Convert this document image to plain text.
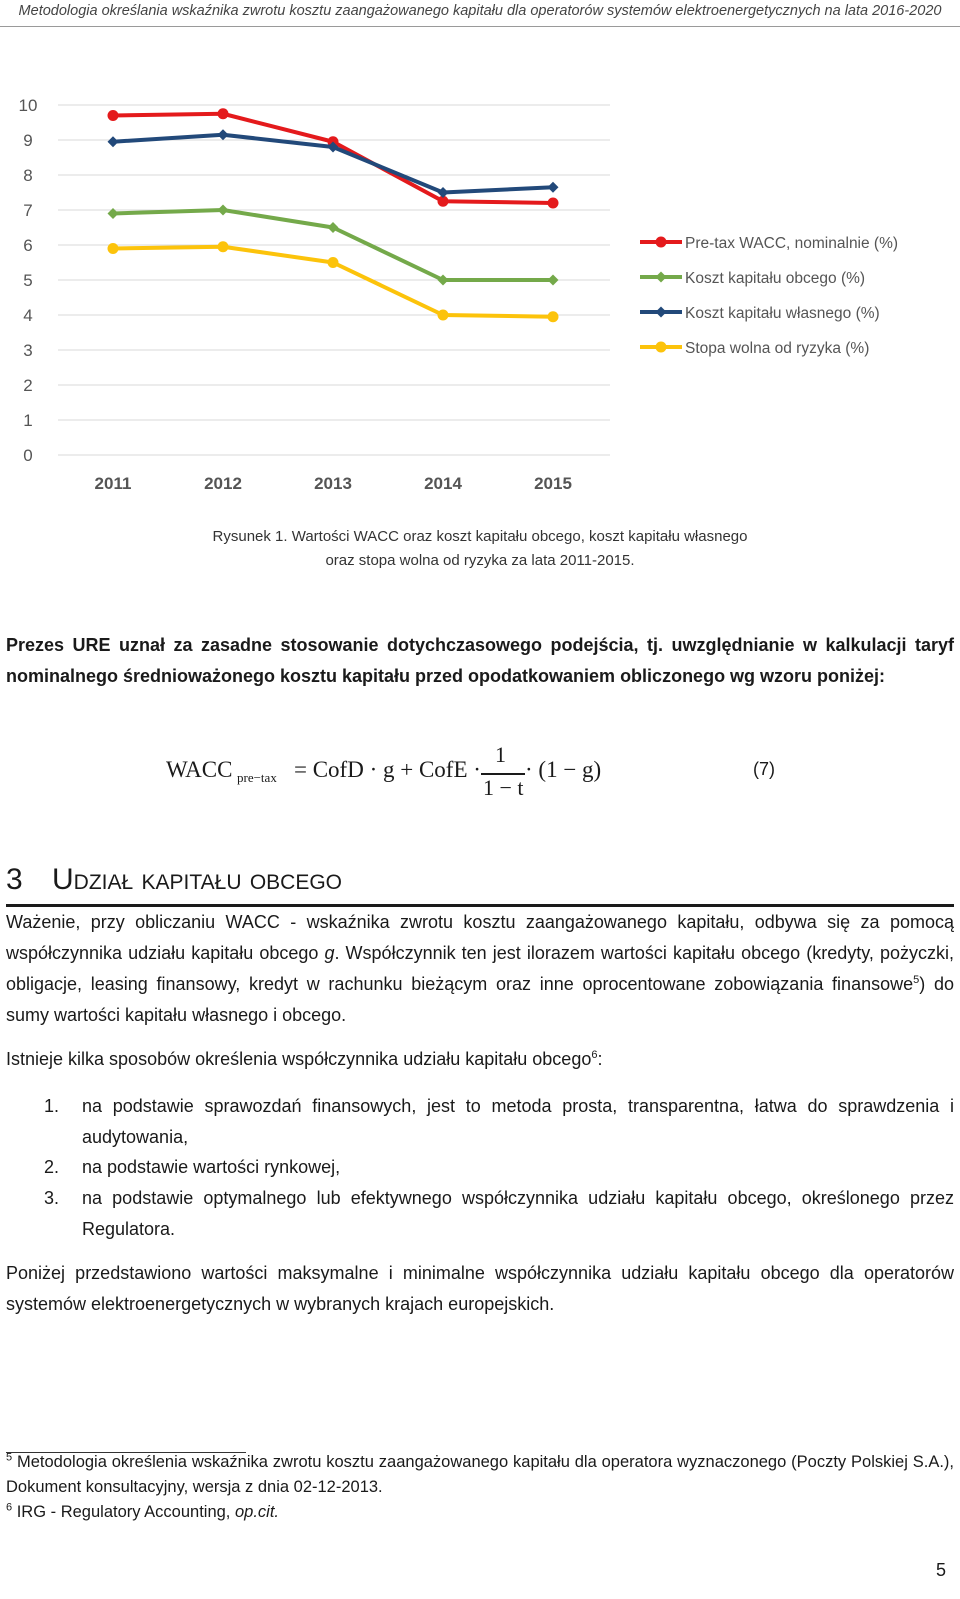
Metodologia określania wskaźnika zwrotu kosztu zaangażowanego kapitału dla operatorów systemów elektroenergetycznych na lata 2016-2020
0
1
2
3
4
5
6
7
8
9
10
2011	2012	2013	2014	2015
Pre-tax WACC, nominalnie (%)
Koszt kapitału obcego (%)
Koszt kapitału własnego (%)
Stopa wolna od ryzyka (%)
Rysunek 1. Wartości WACC oraz koszt kapitału obcego, koszt kapitału własnego
oraz stopa wolna od ryzyka za lata 2011-2015.

Prezes URE uznał za zasadne stosowanie dotychczasowego podejścia, tj. uwzględnianie w kalkulacji taryf nominalnego średnioważonego kosztu kapitału przed opodatkowaniem obliczonego wg wzoru poniżej:

WACC pre−tax = CofD · g + CofE ·
1
1 − t
· (1 − g)	(7)
3 Udział kapitału obcego

Ważenie, przy obliczaniu WACC - wskaźnika zwrotu kosztu zaangażowanego kapitału, odbywa się za pomocą współczynnika udziału kapitału obcego g. Współczynnik ten jest ilorazem wartości kapitału obcego (kredyty, pożyczki, obligacje, leasing finansowy, kredyt w rachunku bieżącym oraz inne oprocentowane zobowiązania finansowe$^5$) do sumy wartości kapitału własnego i obcego.

Istnieje kilka sposobów określenia współczynnika udziału kapitału obcego$^6$:

1. na podstawie sprawozdań finansowych, jest to metoda prosta, transparentna, łatwa do sprawdzenia i audytowania,
2. na podstawie wartości rynkowej,
3. na podstawie optymalnego lub efektywnego współczynnika udziału kapitału obcego, określonego przez Regulatora.

Poniżej przedstawiono wartości maksymalne i minimalne współczynnika udziału kapitału obcego dla operatorów systemów elektroenergetycznych w wybranych krajach europejskich.

$^5$ Metodologia określenia wskaźnika zwrotu kosztu zaangażowanego kapitału dla operatora wyznaczonego (Poczty Polskiej S.A.), Dokument konsultacyjny, wersja z dnia 02-12-2013.
$^6$ IRG - Regulatory Accounting, op.cit.
5
